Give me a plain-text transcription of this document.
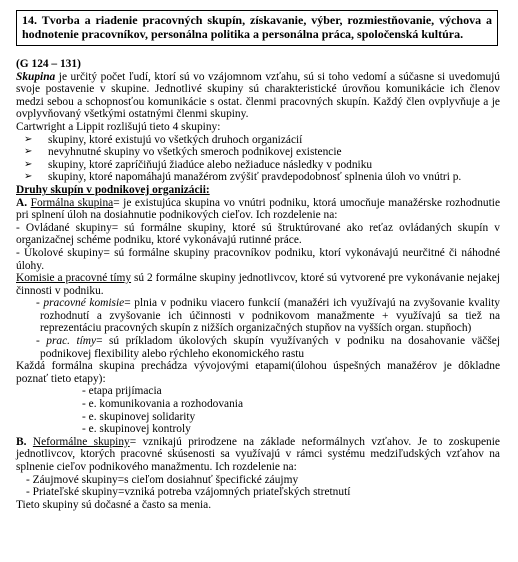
14. Tvorba a riadenie pracovných skupín, získavanie, výber, rozmiestňovanie, výchova a hodnotenie pracovníkov, personálna politika a personálna práca, spoločenská kultúra.

(G 124 – 131)

Skupina je určitý počet ľudí, ktorí sú vo vzájomnom vzťahu, sú si toho vedomí a súčasne si uvedomujú svoje postavenie v skupine. Jednotlivé skupiny sú charakteristické úrovňou komunikácie ich členov medzi sebou a schopnosťou komunikácie s ostat. členmi pracovných skupín. Každý člen ovplyvňuje a je ovplyvňovaný všetkými ostatnými členmi skupiny.

Cartwright a Lippit rozlišujú tieto 4 skupiny:

➢ skupiny, ktoré existujú vo všetkých druhoch organizácií
➢ nevyhnutné skupiny vo všetkých smeroch podnikovej existencie
➢ skupiny, ktoré zapríčiňujú žiadúce alebo nežiaduce následky v podniku
➢ skupiny, ktoré napomáhajú manažérom zvýšiť pravdepodobnosť splnenia úloh vo vnútri p.

Druhy skupín v podnikovej organizácii:

A. Formálna skupina= je existujúca skupina vo vnútri podniku, ktorá umocňuje manažérske rozhodnutie pri splnení úloh na dosiahnutie podnikových cieľov. Ich rozdelenie na:

- Ovládané skupiny= sú formálne skupiny, ktoré sú štruktúrované ako reťaz ovládaných skupín v organizačnej schéme podniku, ktoré vykonávajú rutinné práce.

- Úkolové skupiny= sú formálne skupiny pracovníkov podniku, ktorí vykonávajú neurčitné či náhodné úlohy.

Komisie a pracovné tímy sú 2 formálne skupiny jednotlivcov, ktoré sú vytvorené pre vykonávanie nejakej činnosti v podniku.

- pracovné komisie= plnia v podniku viacero funkcií (manažéri ich využívajú na zvyšovanie kvality rozhodnutí a zvyšovanie ich účinnosti v podnikovom manažmente + využívajú sa tiež na reprezentáciu pracovných skupín z nižších organizačných stupňov na vyšších organ. stupňoch)

- prac. tímy= sú príkladom úkolových skupín využívaných v podniku na dosahovanie väčšej podnikovej flexibility alebo rýchleho ekonomického rastu

Každá formálna skupina prechádza vývojovými etapami(úlohou úspešných manažérov je dôkladne poznať tieto etapy):

- etapa prijímacia
- e. komunikovania a rozhodovania
- e. skupinovej solidarity
- e. skupinovej kontroly

B. Neformálne skupiny= vznikajú prirodzene na základe neformálnych vzťahov. Je to zoskupenie jednotlivcov, ktorých pracovné skúsenosti sa využívajú v rámci systému medziľudských vzťahov na splnenie cieľov podnikového manažmentu. Ich rozdelenie na:

- Záujmové skupiny=s cieľom dosiahnuť špecifické záujmy
- Priateľské skupiny=vzniká potreba vzájomných priateľských stretnutí

Tieto skupiny sú dočasné a často sa menia.
